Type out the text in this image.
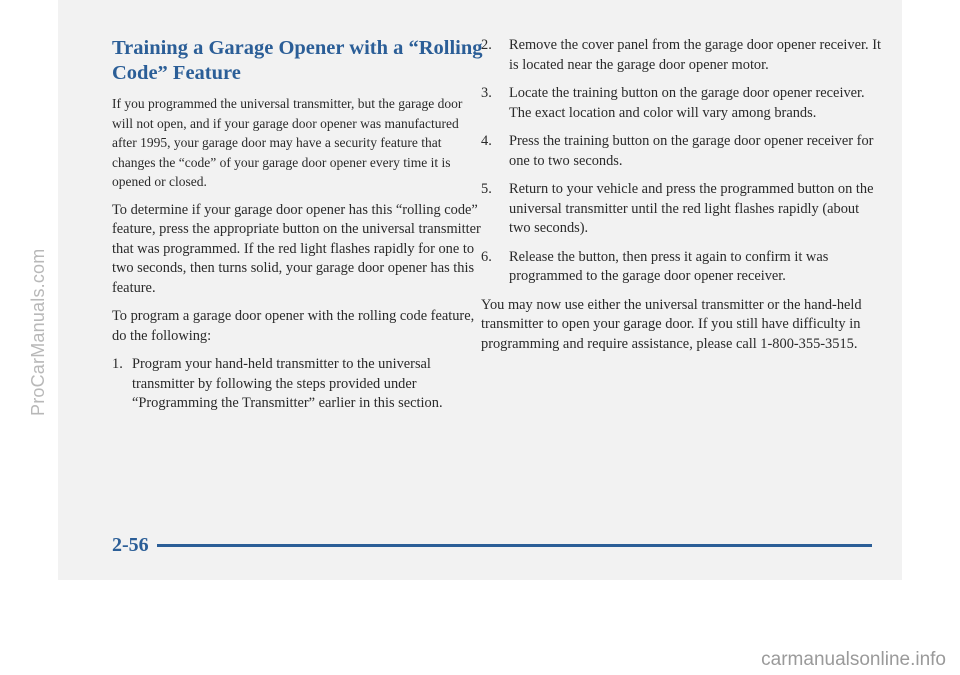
ProCarManuals.com
Training a Garage Opener with a “Rolling Code” Feature

If you programmed the universal transmitter, but the garage door will not open, and if your garage door opener was manufactured after 1995, your garage door may have a security feature that changes the “code” of your garage door opener every time it is opened or closed.

To determine if your garage door opener has this “rolling code” feature, press the appropriate button on the universal transmitter that was programmed. If the red light flashes rapidly for one to two seconds, then turns solid, your garage door opener has this feature.

To program a garage door opener with the rolling code feature, do the following:

1. Program your hand-held transmitter to the universal transmitter by following the steps provided under “Programming the Transmitter” earlier in this section.
2.	Remove the cover panel from the garage door opener receiver. It is located near the garage door opener motor.
3.	Locate the training button on the garage door opener receiver. The exact location and color will vary among brands.
4.	Press the training button on the garage door opener receiver for one to two seconds.
5.	Return to your vehicle and press the programmed button on the universal transmitter until the red light flashes rapidly (about two seconds).
6.	Release the button, then press it again to confirm it was programmed to the garage door opener receiver.

You may now use either the universal transmitter or the hand-held transmitter to open your garage door. If you still have difficulty in programming and require assistance, please call 1-800-355-3515.

2-56
carmanualsonline.info
